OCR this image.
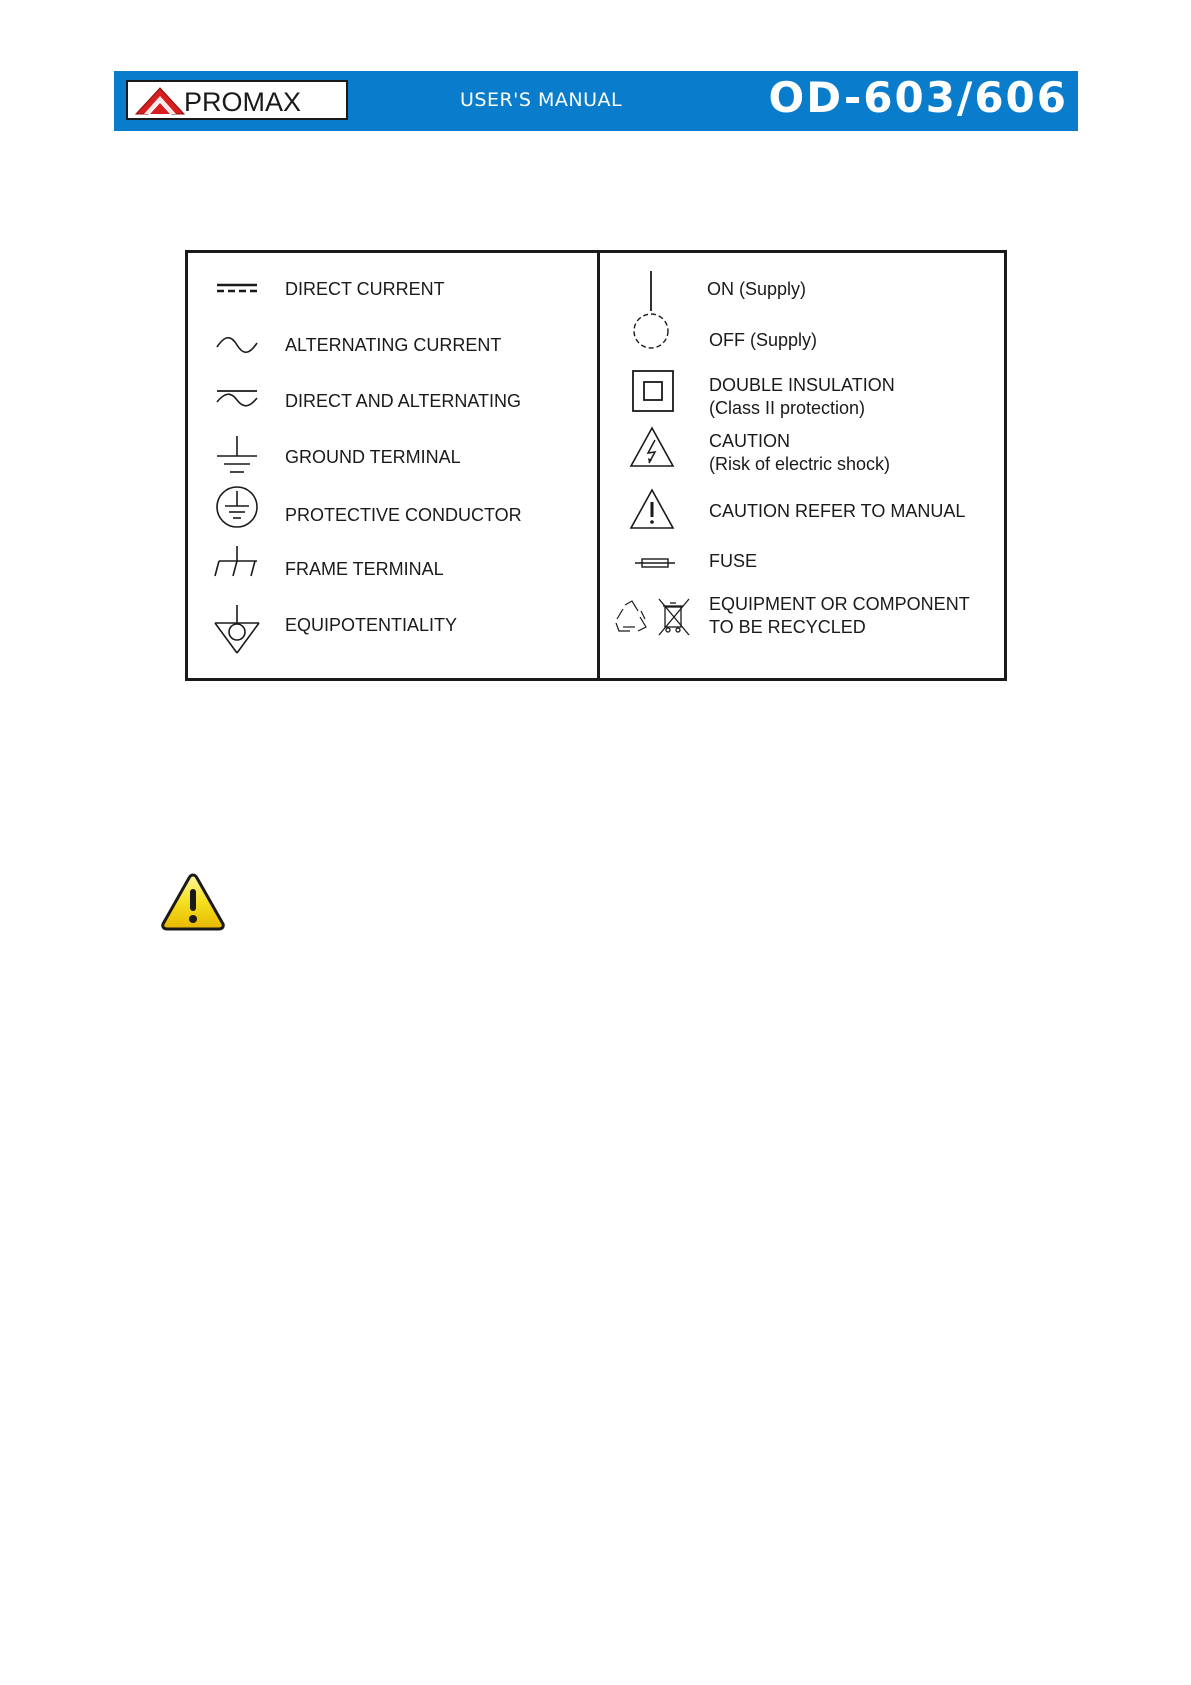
PROMAX	USER'S MANUAL	OD-603/606
DIRECT CURRENT
ALTERNATING CURRENT
DIRECT AND ALTERNATING
GROUND TERMINAL
PROTECTIVE CONDUCTOR
FRAME TERMINAL
EQUIPOTENTIALITY
ON (Supply)
OFF (Supply)
DOUBLE INSULATION
(Class II protection)
CAUTION
(Risk of electric shock)
CAUTION REFER TO MANUAL
FUSE
EQUIPMENT OR COMPONENT
TO BE RECYCLED
